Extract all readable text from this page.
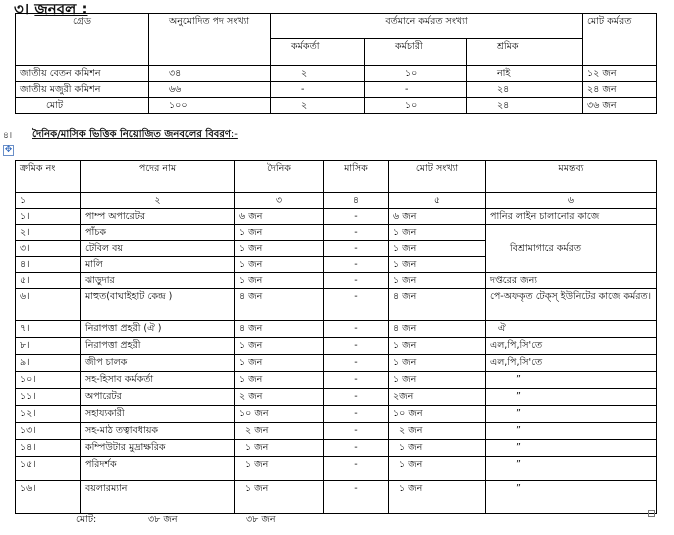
৩। জনবল :
গ্রেড	অনুমোদিত পদ সংখ্যা	বর্তমানে কর্মরত সংখ্যা			মোট কর্মরত
		কর্মকর্তা	কর্মচারী	শ্রমিক	
জাতীয় বেতন কমিশন	৩৪	২	১০	নাই	১২ জন
জাতীয় মজুরী কমিশন	৬৬	-	-	২৪	২৪ জন
মোট	১০০	২	১০	২৪	৩৬ জন
৪। দৈনিক/মাসিক ভিত্তিক নিয়োজিত জনবলের বিবরণ:-
✥
ক্রমিক নং	পদের নাম	দৈনিক	মাসিক	মোট সংখ্যা	মমন্তব্য
১	২	৩	৪	৫	৬
১।	পাম্প অপারেটর	৬ জন	-	৬ জন	পানির লাইন চালানোর কাজে
২।	পাঁচক	১ জন	-	১ জন	বিশ্রামাগারে কর্মরত
৩।	টেবিল বয়	১ জন	-	১ জন	
৪।	মালি	১ জন	-	১ জন	
৫।	ঝাড়ুদার	১ জন	-	১ জন	দপ্তরের জন্য
৬।	মাহুত(বাঘাইহাট কেন্দ্র )	৪ জন	-	৪ জন	পে-অফকৃত টেক্স্ ইউনিটের কাজে কর্মরত।
৭।	নিরাপত্তা প্রহরী (ঐ )	৪ জন	-	৪ জন	ঐ
৮।	নিরাপত্তা প্রহরী	১ জন	-	১ জন	এল,পি,সি'তে
৯।	জীপ চালক	১ জন	-	১ জন	এল,পি,সি'তে
১০।	সহ-হিসাব কর্মকর্তা	১ জন	-	১ জন	”
১১।	অপারেটর	২ জন	-	২জন	”
১২।	সহায্যকারী	১০ জন	-	১০ জন	”
১৩।	সহ-মাঠ তত্বাবধায়ক	২ জন	-	২ জন	”
১৪।	কম্পিউটার মুদ্রাক্ষরিক	১ জন	-	১ জন	”
১৫।	পরিদর্শক	১ জন	-	১ জন	”
১৬।	বয়লারম্যান	১ জন	-	১ জন	”
মোট:	৩৮ জন	৩৮ জন
